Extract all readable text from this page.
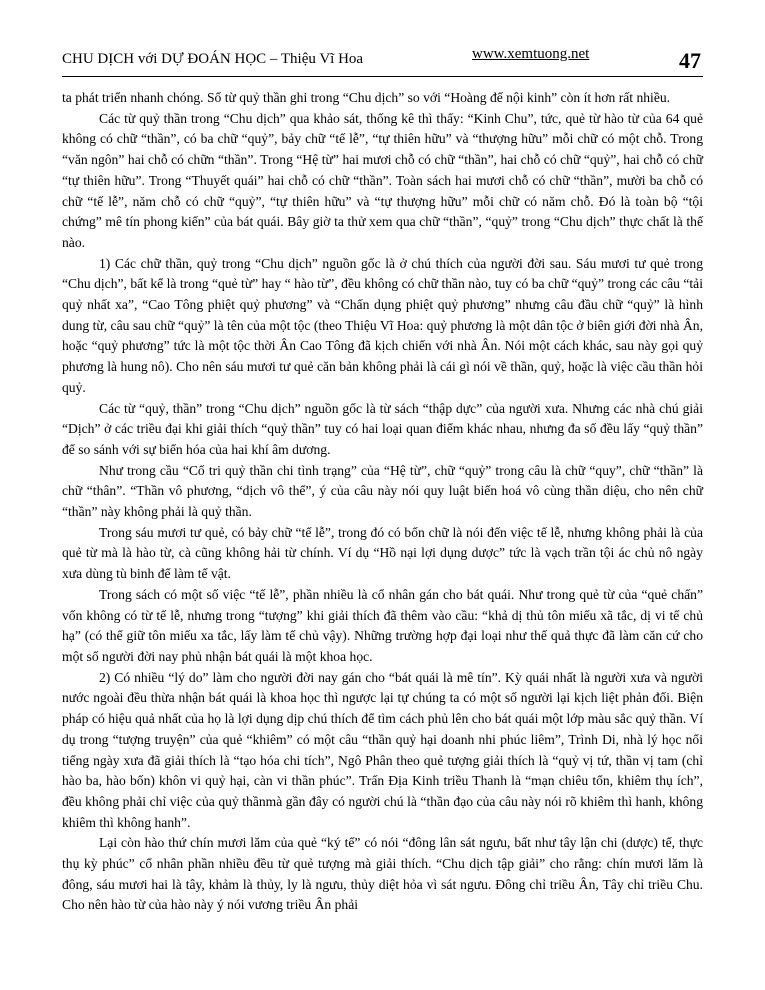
CHU DỊCH với DỰ ĐOÁN HỌC – Thiệu Vĩ Hoa	www.xemtuong.net	47

ta phát triển nhanh chóng. Số từ quỷ thần ghi trong “Chu dịch” so với “Hoàng đế nội kinh” còn ít hơn rất nhiều.

Các từ quỷ thần trong “Chu dịch” qua khảo sát, thống kê thì thấy: “Kinh Chu”, tức, quẻ từ hào từ của 64 quẻ không có chữ “thần”, có ba chữ “quỷ”, bảy chữ “tế lễ”, “tự thiên hữu” và “thượng hữu” mỗi chữ có một chỗ. Trong “văn ngôn” hai chỗ có chữn “thần”. Trong “Hệ từ” hai mươi chỗ có chữ “thần”, hai chỗ có chữ “quỷ”, hai chỗ có chữ “tự thiên hữu”. Trong “Thuyết quái” hai chỗ có chữ “thần”. Toàn sách hai mươi chỗ có chữ “thần”, mười ba chỗ có chữ “tế lễ”, năm chỗ có chữ “quỷ”, “tự thiên hữu” và “tự thượng hữu” mỗi chữ có năm chỗ. Đó là toàn bộ “tội chứng” mê tín phong kiến” của bát quái. Bây giờ ta thử xem qua chữ “thần”, “quỷ” trong “Chu dịch” thực chất là thế nào.

1) Các chữ thần, quỷ trong “Chu dịch” nguồn gốc là ở chú thích của người đời sau. Sáu mươi tư quẻ trong “Chu dịch”, bất kể là trong “quẻ từ” hay “ hào từ”, đều không có chữ thần nào, tuy có ba chữ “quỷ” trong các câu “tải quỷ nhất xa”, “Cao Tông phiệt quỷ phương” và “Chấn dụng phiệt quỷ phương” nhưng câu đầu chữ “quỷ” là hình dung từ, câu sau chữ “quỷ” là tên của một tộc (theo Thiệu Vĩ Hoa: quỷ phương là một dân tộc ở biên giới đời nhà Ân, hoặc “quỷ phương” tức là một tộc thời Ân Cao Tông đã kịch chiến với nhà Ân. Nói một cách khác, sau này gọi quỷ phương là hung nô). Cho nên sáu mươi tư quẻ căn bản không phải là cái gì nói về thần, quỷ, hoặc là việc cầu thần hỏi quỷ.

Các từ “quỷ, thần” trong “Chu dịch” nguồn gốc là từ sách “thập dực” của người xưa. Nhưng các nhà chú giải “Dịch” ở các triều đại khi giải thích “quỷ thần” tuy có hai loại quan điểm khác nhau, nhưng đa số đều lấy “quỷ thần” để so sánh với sự biến hóa của hai khí âm dương.

Như trong cầu “Cố tri quỷ thần chi tình trạng” của “Hệ từ”, chữ “quỷ” trong câu là chữ “quy”, chữ “thần” là chữ “thân”. “Thần vô phương, “dịch vô thể”, ý của câu này nói quy luật biến hoá vô cùng thần diệu, cho nên chữ “thần” này không phải là quỷ thần.

Trong sáu mươi tư quẻ, có bảy chữ “tế lễ”, trong đó có bốn chữ là nói đến việc tế lễ, nhưng không phải là của quẻ từ mà là hào từ, cà cũng không hải từ chính. Ví dụ “Hồ nại lợi dụng dược” tức là vạch trần tội ác chủ nô ngày xưa dùng tù binh để làm tế vật.

Trong sách có một số việc “tế lễ”, phần nhiều là cổ nhân gán cho bát quái. Như trong quẻ từ của “quẻ chấn” vốn không có từ tế lễ, nhưng trong “tượng” khi giải thích đã thêm vào cầu: “khả dị thủ tôn miếu xã tắc, dị vi tế chủ hạ” (có thể giữ tôn miếu xa tắc, lấy làm tế chủ vậy). Những trường hợp đại loại như thế quả thực đã làm căn cứ cho một số người đời nay phủ nhận bát quái là một khoa học.

2) Có nhiều “lý do” làm cho người đời nay gán cho “bát quái là mê tín”. Kỳ quái nhất là người xưa và người nước ngoài đều thừa nhận bát quái là khoa học thì ngược lại tự chúng ta có một số người lại kịch liệt phản đối. Biện pháp có hiệu quả nhất của họ là lợi dụng dịp chú thích để tìm cách phủ lên cho bát quái một lớp màu sắc quỷ thần. Ví dụ trong “tượng truyện” của quẻ “khiêm” có một câu “thần quỷ hại doanh nhi phúc liêm”, Trình Di, nhà lý học nổi tiếng ngày xưa đã giải thích là “tạo hóa chi tích”, Ngô Phân theo quẻ tượng giải thích là “quỷ vị tứ, thần vị tam (chỉ hào ba, hào bốn) khôn vi quỷ hại, càn vi thần phúc”. Trấn Địa Kinh triều Thanh là “mạn chiêu tổn, khiêm thụ ích”, đều không phải chỉ việc của quỷ thầnmà gần đây có người chú là “thần đạo của câu này nói rõ khiêm thì hanh, không khiêm thì không hanh”.

Lại còn hào thứ chín mươi lăm của quẻ “ký tế” có nói “đông lân sát ngưu, bất như tây lận chi (dược) tế, thực thụ kỳ phúc” cổ nhân phần nhiều đều từ quẻ tượng mà giải thích. “Chu dịch tập giải” cho rằng: chín mươi lăm là đông, sáu mươi hai là tây, khảm là thủy, ly là ngưu, thủy diệt hỏa vì sát ngưu. Đông chỉ triều Ân, Tây chỉ triều Chu. Cho nên hào từ của hào này ý nói vương triều Ân phải
